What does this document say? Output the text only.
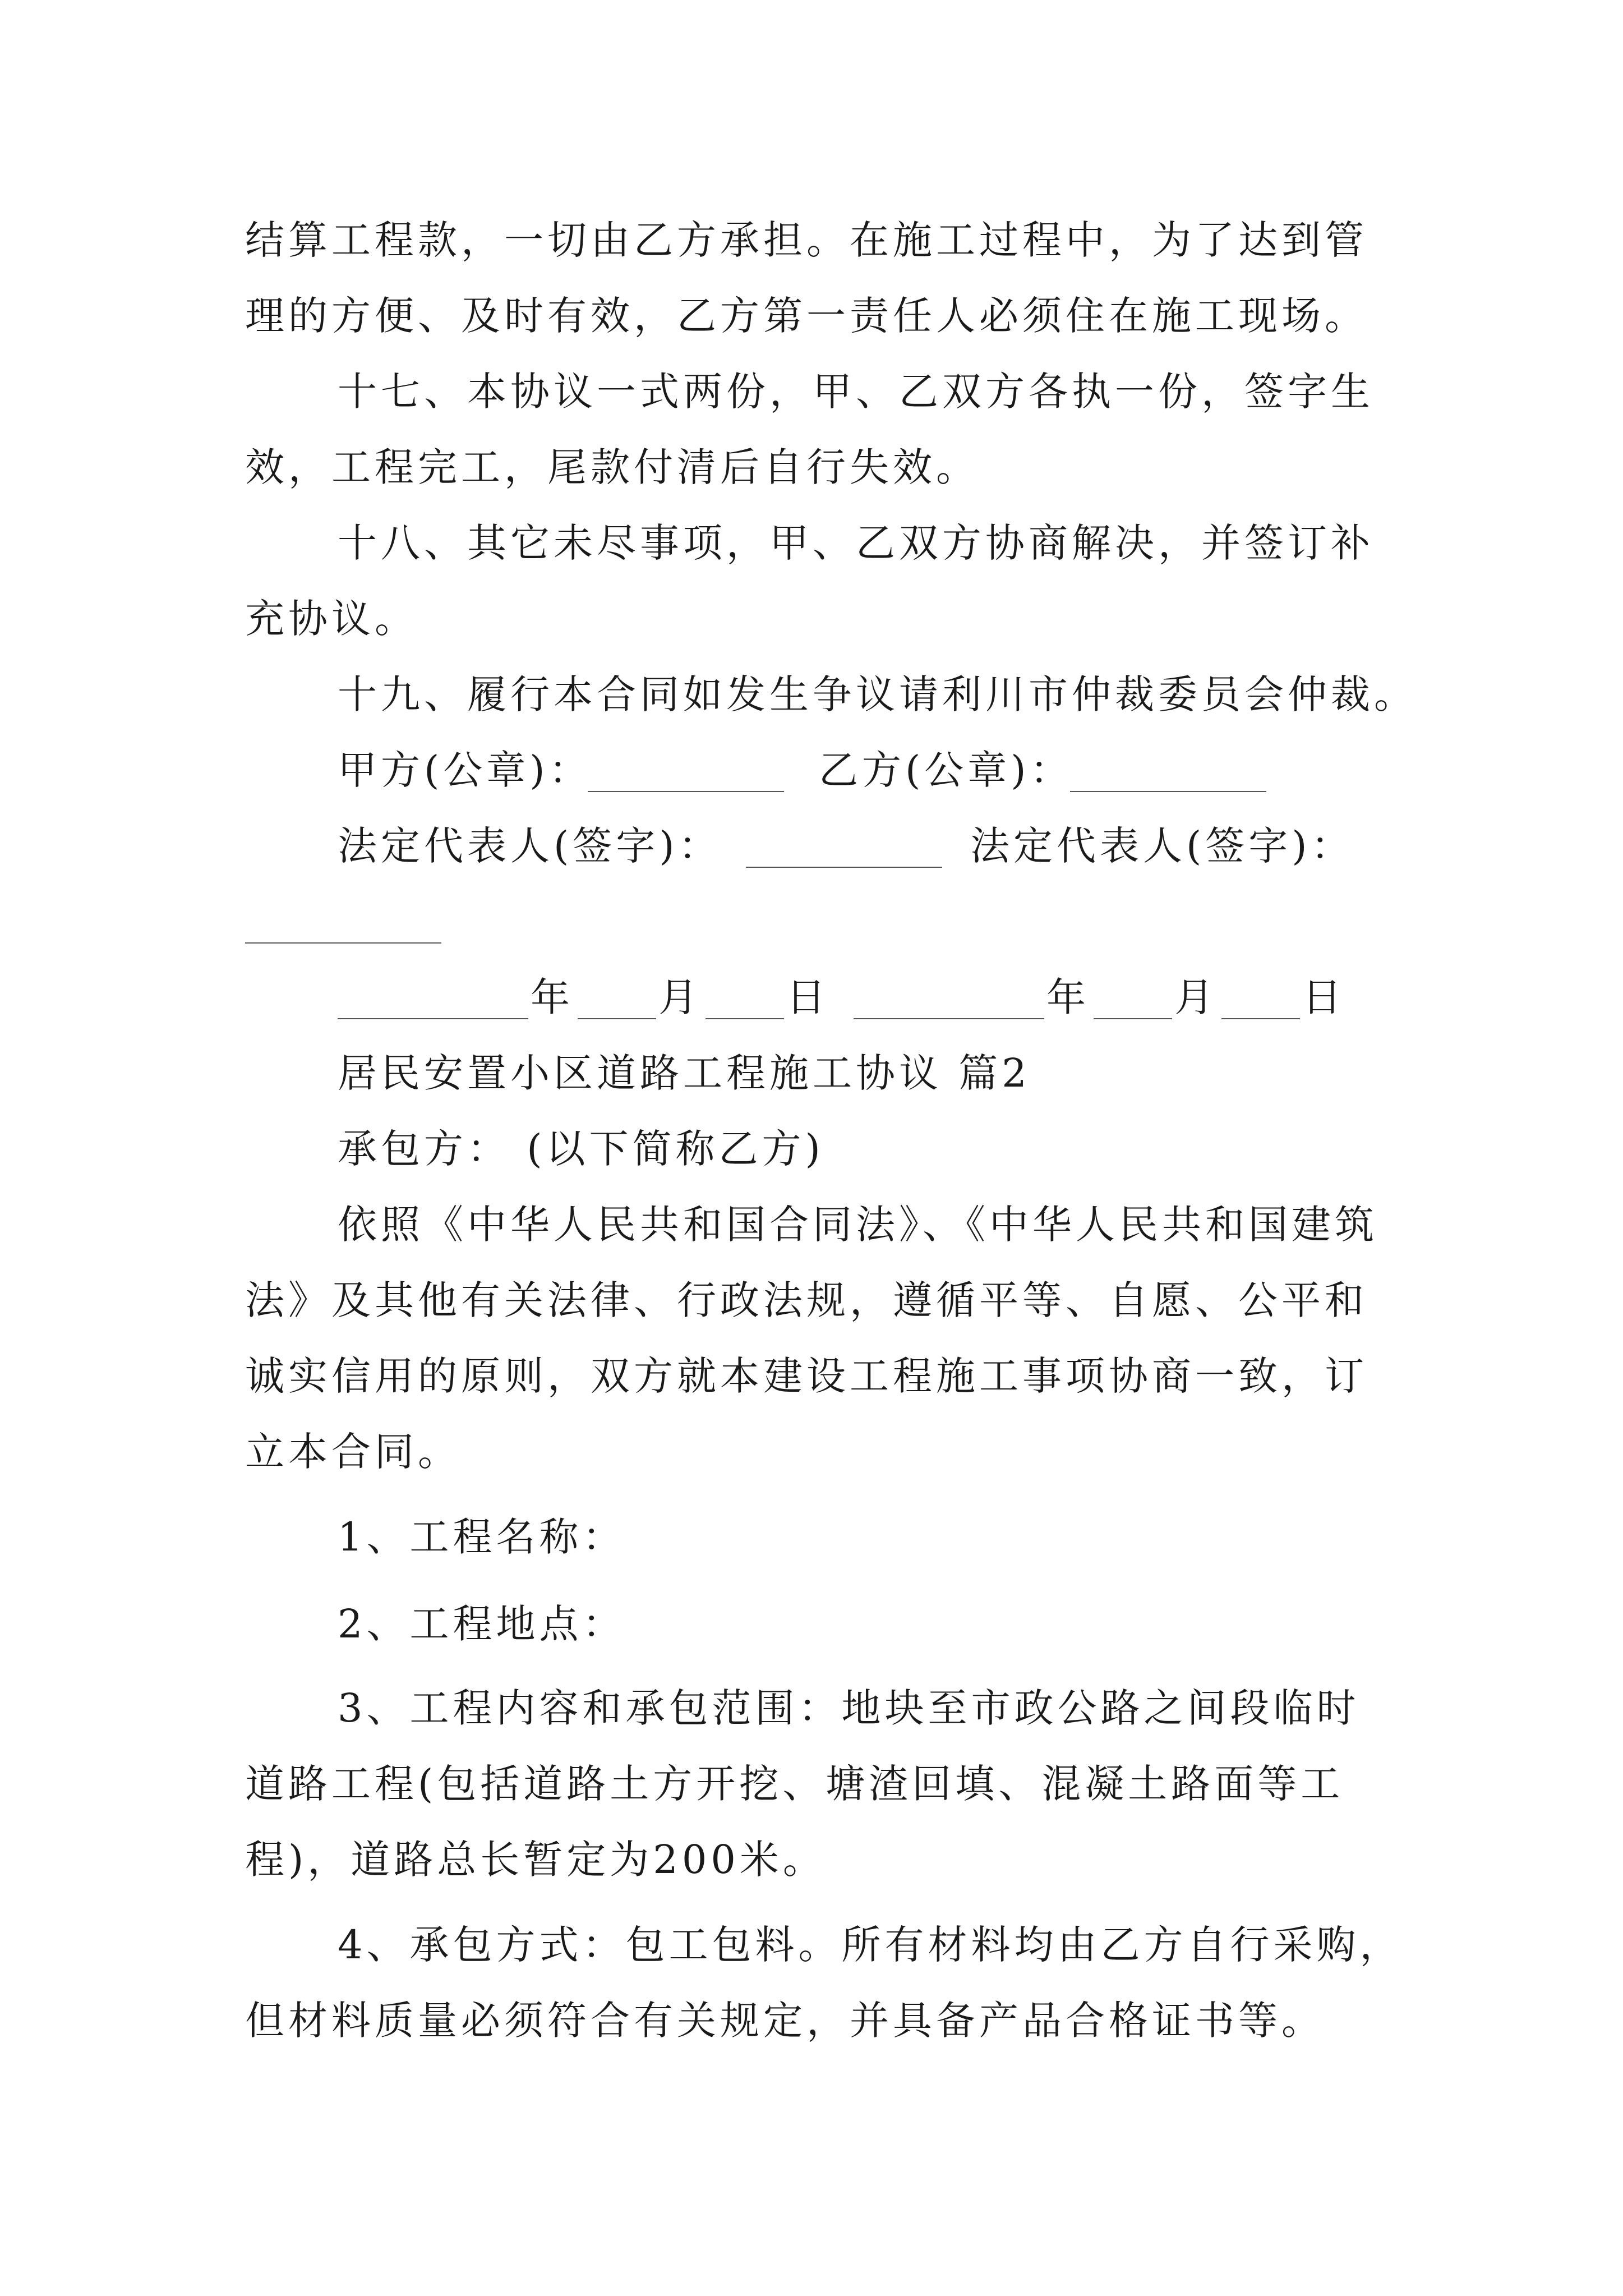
结算工程款，一切由乙方承担。在施工过程中，为了达到管
理的方便、及时有效，乙方第一责任人必须住在施工现场。
十七、本协议一式两份，甲、乙双方各执一份，签字生
效，工程完工，尾款付清后自行失效。
十八、其它未尽事项，甲、乙双方协商解决，并签订补
充协议。
十九、履行本合同如发生争议请利川市仲裁委员会仲裁。
甲方(公章)：	乙方(公章)：
法定代表人(签字)：	法定代表人(签字)：
年 月 日	年 月 日
居民安置小区道路工程施工协议 篇2
承包方： (以下简称乙方)
依照《中华人民共和国合同法》、《中华人民共和国建筑
法》及其他有关法律、行政法规，遵循平等、自愿、公平和
诚实信用的原则，双方就本建设工程施工事项协商一致，订
立本合同。
1、工程名称：
2、工程地点：
3、工程内容和承包范围：地块至市政公路之间段临时
道路工程(包括道路土方开挖、塘渣回填、混凝土路面等工
程)，道路总长暂定为200米。
4、承包方式：包工包料。所有材料均由乙方自行采购，
但材料质量必须符合有关规定，并具备产品合格证书等。
